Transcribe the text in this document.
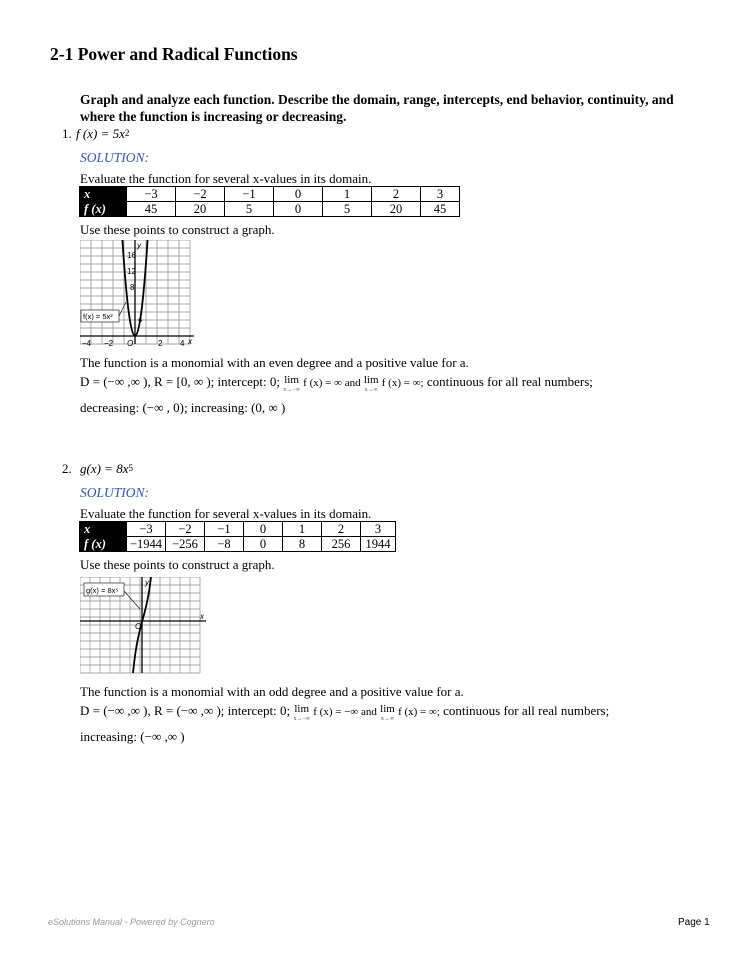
2-1 Power and Radical Functions
Graph and analyze each function. Describe the domain, range, intercepts, end behavior, continuity, and where the function is increasing or decreasing.
1. f $(x) = 5x^2$
SOLUTION:
Evaluate the function for several x-values in its domain.
x	−3	−2	−1	0	1	2	3
f (x)	45	20	5	0	5	20	45
Use these points to construct a graph.
16
12
8
4
−4 −2 O	2 4
y
x
f(x) = 5x²
The function is a monomial with an even degree and a positive value for a.
D = (−∞ ,∞ ), R = [0, ∞ ); intercept: 0; lim
x→−∞
f (x) = ∞ and lim
x→∞
f (x) = ∞; continuous for all real numbers;
decreasing: (−∞ , 0); increasing: (0, ∞ )
2. $g(x) = 8x^5$
SOLUTION:
Evaluate the function for several x-values in its domain.
x	−3	−2	−1	0	1	2	3
f (x)	−1944	−256	−8	0	8	256	1944
Use these points to construct a graph.
O
y
x
g(x) = 8x⁵
The function is a monomial with an odd degree and a positive value for a.
D = (−∞ ,∞ ), R = (−∞ ,∞ ); intercept: 0; lim
x→−∞
f (x) = −∞ and lim
x→∞
f (x) = ∞; continuous for all real numbers;
increasing: (−∞ ,∞ )
eSolutions Manual - Powered by Cognero	Page 1
